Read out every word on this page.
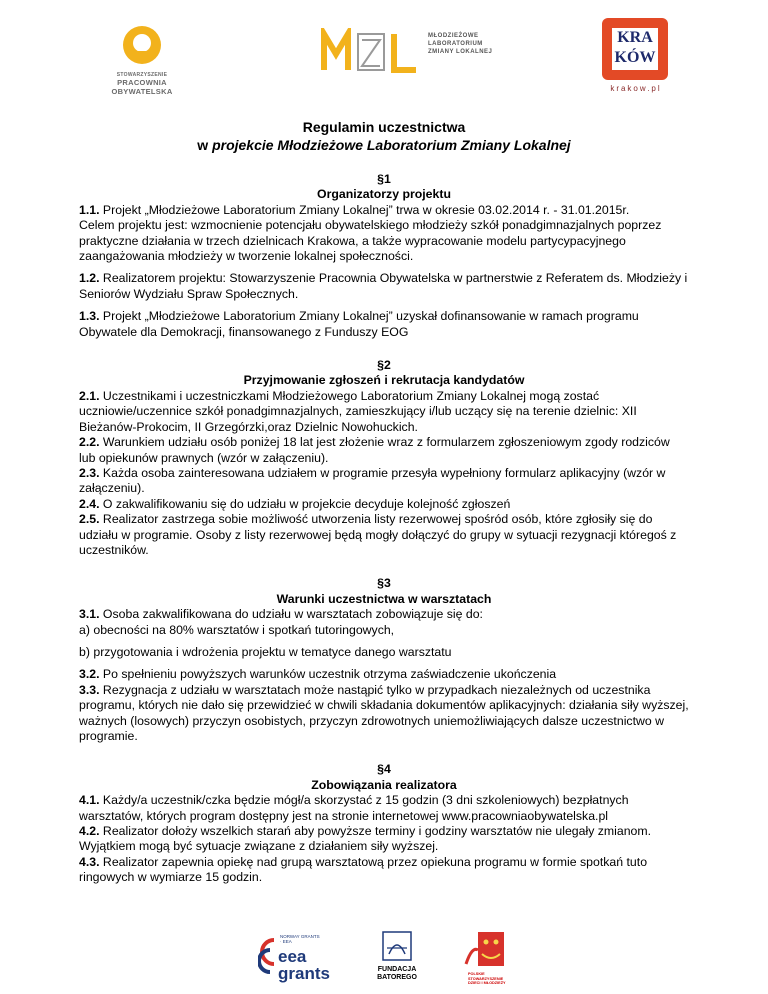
STOWARZYSZENIE
PRACOWNIA
OBYWATELSKA
MŁODZIEŻOWE
LABORATORIUM
ZMIANY LOKALNEJ
KRA
KÓW
krakow.pl
Regulamin uczestnictwa
w projekcie Młodzieżowe Laboratorium Zmiany Lokalnej
§1
Organizatorzy projektu

1.1. Projekt „Młodzieżowe Laboratorium Zmiany Lokalnej” trwa w okresie 03.02.2014 r. - 31.01.2015r.

Celem projektu jest: wzmocnienie potencjału obywatelskiego młodzieży szkół ponadgimnazjalnych poprzez praktyczne działania w trzech dzielnicach Krakowa, a także wypracowanie modelu partycypacyjnego zaangażowania młodzieży w tworzenie lokalnej społeczności.

1.2. Realizatorem projektu: Stowarzyszenie Pracownia Obywatelska w partnerstwie z Referatem ds. Młodzieży i Seniorów Wydziału Spraw Społecznych.

1.3. Projekt „Młodzieżowe Laboratorium Zmiany Lokalnej” uzyskał dofinansowanie w ramach programu Obywatele dla Demokracji, finansowanego z Funduszy EOG

§2
Przyjmowanie zgłoszeń i rekrutacja kandydatów

2.1. Uczestnikami i uczestniczkami Młodzieżowego Laboratorium Zmiany Lokalnej mogą zostać uczniowie/uczennice szkół ponadgimnazjalnych, zamieszkujący i/lub uczący się na terenie dzielnic: XII Bieżanów-Prokocim, II Grzegórzki,oraz Dzielnic Nowohuckich.

2.2. Warunkiem udziału osób poniżej 18 lat jest złożenie wraz z formularzem zgłoszeniowym zgody rodziców lub opiekunów prawnych (wzór w załączeniu).

2.3. Każda osoba zainteresowana udziałem w programie przesyła wypełniony formularz aplikacyjny (wzór w załączeniu).

2.4. O zakwalifikowaniu się do udziału w projekcie decyduje kolejność zgłoszeń

2.5. Realizator zastrzega sobie możliwość utworzenia listy rezerwowej spośród osób, które zgłosiły się do udziału w programie. Osoby z listy rezerwowej będą mogły dołączyć do grupy w sytuacji rezygnacji któregoś z uczestników.

§3
Warunki uczestnictwa w warsztatach

3.1. Osoba zakwalifikowana do udziału w warsztatach zobowiązuje się do:

a) obecności na 80% warsztatów i spotkań tutoringowych,

b) przygotowania i wdrożenia projektu w tematyce danego warsztatu

3.2. Po spełnieniu powyższych warunków uczestnik otrzyma zaświadczenie ukończenia

3.3. Rezygnacja z udziału w warsztatach może nastąpić tylko w przypadkach niezależnych od uczestnika programu, których nie dało się przewidzieć w chwili składania dokumentów aplikacyjnych: działania siły wyższej, ważnych (losowych) przyczyn osobistych, przyczyn zdrowotnych uniemożliwiających dalsze uczestnictwo w programie.

§4
Zobowiązania realizatora

4.1. Każdy/a uczestnik/czka będzie mógł/a skorzystać z 15 godzin (3 dni szkoleniowych) bezpłatnych warsztatów, których program dostępny jest na stronie internetowej www.pracowniaobywatelska.pl

4.2. Realizator dołoży wszelkich starań aby powyższe terminy i godziny warsztatów nie ulegały zmianom. Wyjątkiem mogą być sytuacje związane z działaniem siły wyższej.

4.3. Realizator zapewnia opiekę nad grupą warsztatową przez opiekuna programu w formie spotkań tuto ringowych w wymiarze 15 godzin.

NORWAY GRANTS · EEA
eea
grants	FUNDACJA
BATOREGO	POLSKIE STOWARZYSZENIE DZIECI I MŁODZIEŻY
